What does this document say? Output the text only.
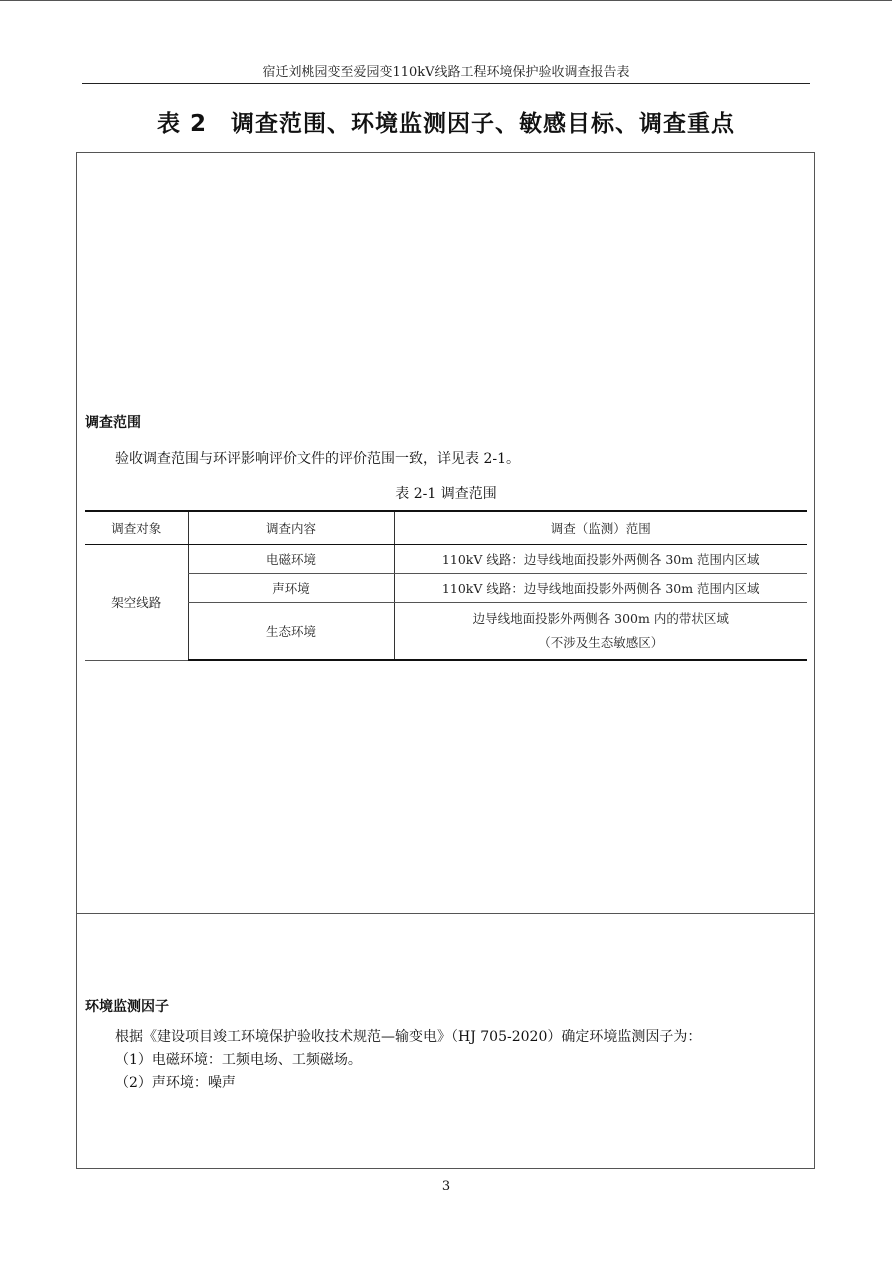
宿迁刘桃园变至爱园变110kV线路工程环境保护验收调查报告表
表 2　调查范围、环境监测因子、敏感目标、调查重点
调查范围
验收调查范围与环评影响评价文件的评价范围一致，详见表 2-1。
表 2-1 调查范围
调查对象	调查内容	调查（监测）范围
架空线路	电磁环境	110kV 线路：边导线地面投影外两侧各 30m 范围内区域
	声环境	110kV 线路：边导线地面投影外两侧各 30m 范围内区域
	生态环境	边导线地面投影外两侧各 300m 内的带状区域
（不涉及生态敏感区）
环境监测因子
根据《建设项目竣工环境保护验收技术规范—输变电》（HJ 705-2020）确定环境监测因子为：
（1）电磁环境：工频电场、工频磁场。
（2）声环境：噪声
3
